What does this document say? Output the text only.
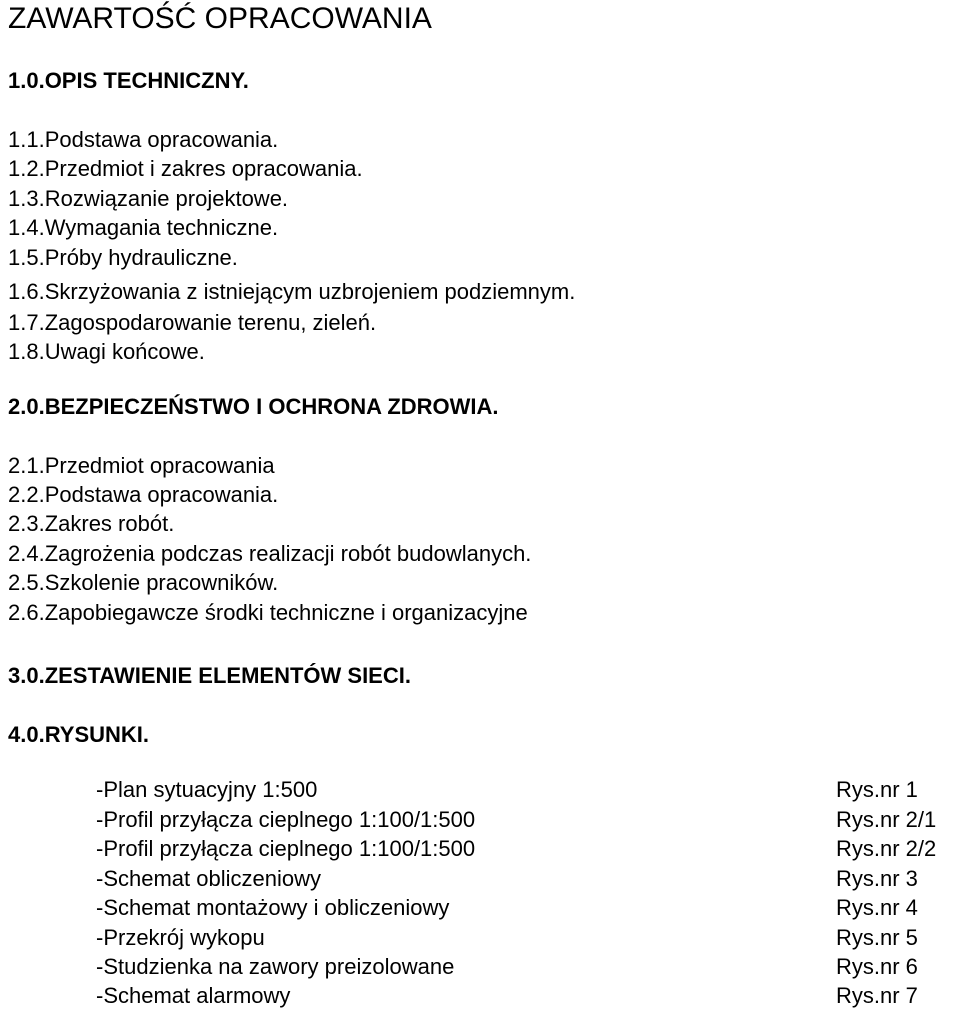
ZAWARTOŚĆ OPRACOWANIA
1.0.OPIS TECHNICZNY.
1.1.Podstawa opracowania.
1.2.Przedmiot i zakres opracowania.
1.3.Rozwiązanie projektowe.
1.4.Wymagania techniczne.
1.5.Próby hydrauliczne.
1.6.Skrzyżowania z istniejącym uzbrojeniem podziemnym.
1.7.Zagospodarowanie terenu, zieleń.
1.8.Uwagi końcowe.
2.0.BEZPIECZEŃSTWO I OCHRONA ZDROWIA.
2.1.Przedmiot opracowania
2.2.Podstawa opracowania.
2.3.Zakres robót.
2.4.Zagrożenia podczas realizacji robót budowlanych.
2.5.Szkolenie pracowników.
2.6.Zapobiegawcze środki techniczne i organizacyjne
3.0.ZESTAWIENIE ELEMENTÓW SIECI.
4.0.RYSUNKI.
-Plan sytuacyjny 1:500	Rys.nr 1
-Profil przyłącza cieplnego 1:100/1:500	Rys.nr 2/1
-Profil przyłącza cieplnego 1:100/1:500	Rys.nr 2/2
-Schemat obliczeniowy	Rys.nr 3
-Schemat montażowy i obliczeniowy	Rys.nr 4
-Przekrój wykopu	Rys.nr 5
-Studzienka na zawory preizolowane	Rys.nr 6
-Schemat alarmowy	Rys.nr 7
